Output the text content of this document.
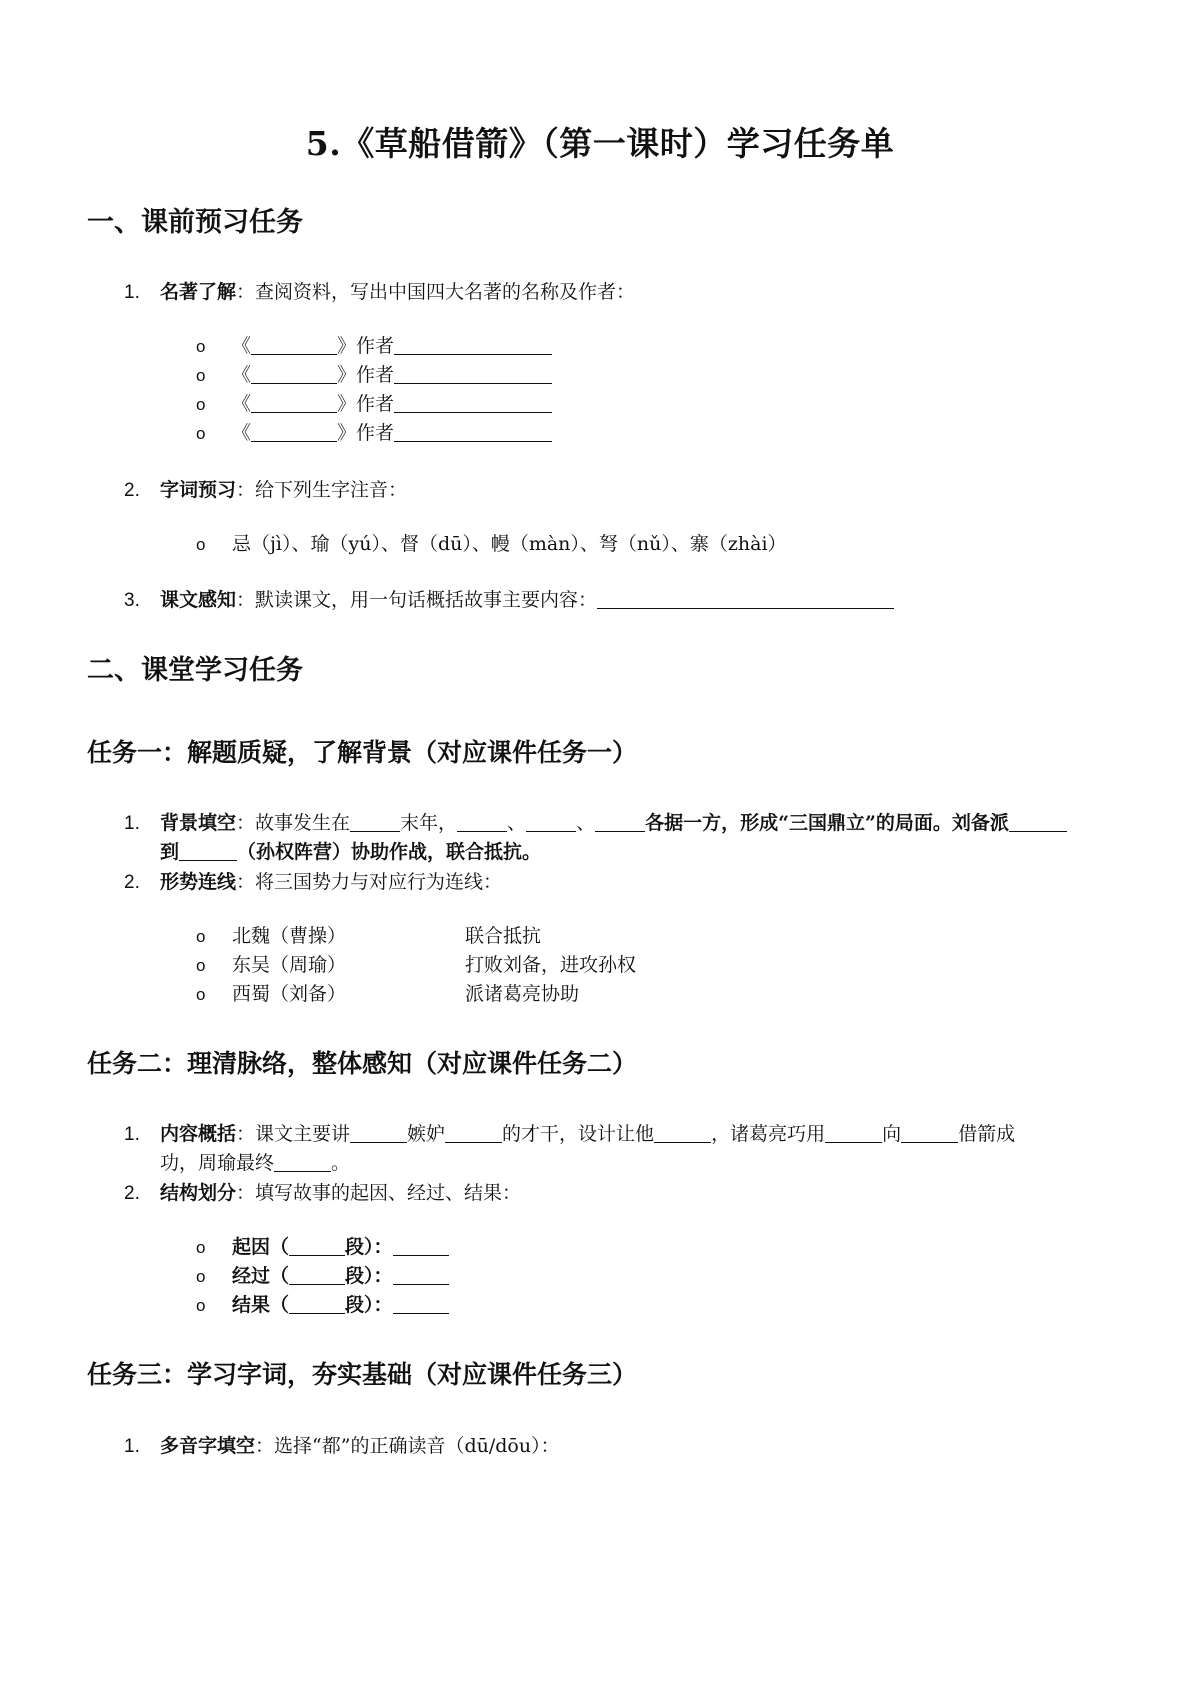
5.《草船借箭》（第一课时）学习任务单
一、课前预习任务
1. 名著了解：查阅资料，写出中国四大名著的名称及作者：
o 《	》作者
o 《	》作者
o 《	》作者
o 《	》作者
2. 字词预习：给下列生字注音：
o 忌（jì）、瑜（yú）、督（dū）、幔（màn）、弩（nǔ）、寨（zhài）
3. 课文感知：默读课文，用一句话概括故事主要内容：
二、课堂学习任务
任务一：解题质疑，了解背景（对应课件任务一）
1. 背景填空：故事发生在	末年，	、	、	各据一方，形成“三国鼎立”的局面。刘备派
到	（孙权阵营）协助作战，联合抵抗。
2. 形势连线：将三国势力与对应行为连线：
o 北魏（曹操）	联合抵抗
o 东吴（周瑜）	打败刘备，进攻孙权
o 西蜀（刘备）	派诸葛亮协助
任务二：理清脉络，整体感知（对应课件任务二）
1. 内容概括：课文主要讲	嫉妒	的才干，设计让他	，诸葛亮巧用	向	借箭成
功，周瑜最终	。
2. 结构划分：填写故事的起因、经过、结果：
o 起因（	段）：
o 经过（	段）：
o 结果（	段）：
任务三：学习字词，夯实基础（对应课件任务三）
1. 多音字填空：选择“都”的正确读音（dū/dōu）：
